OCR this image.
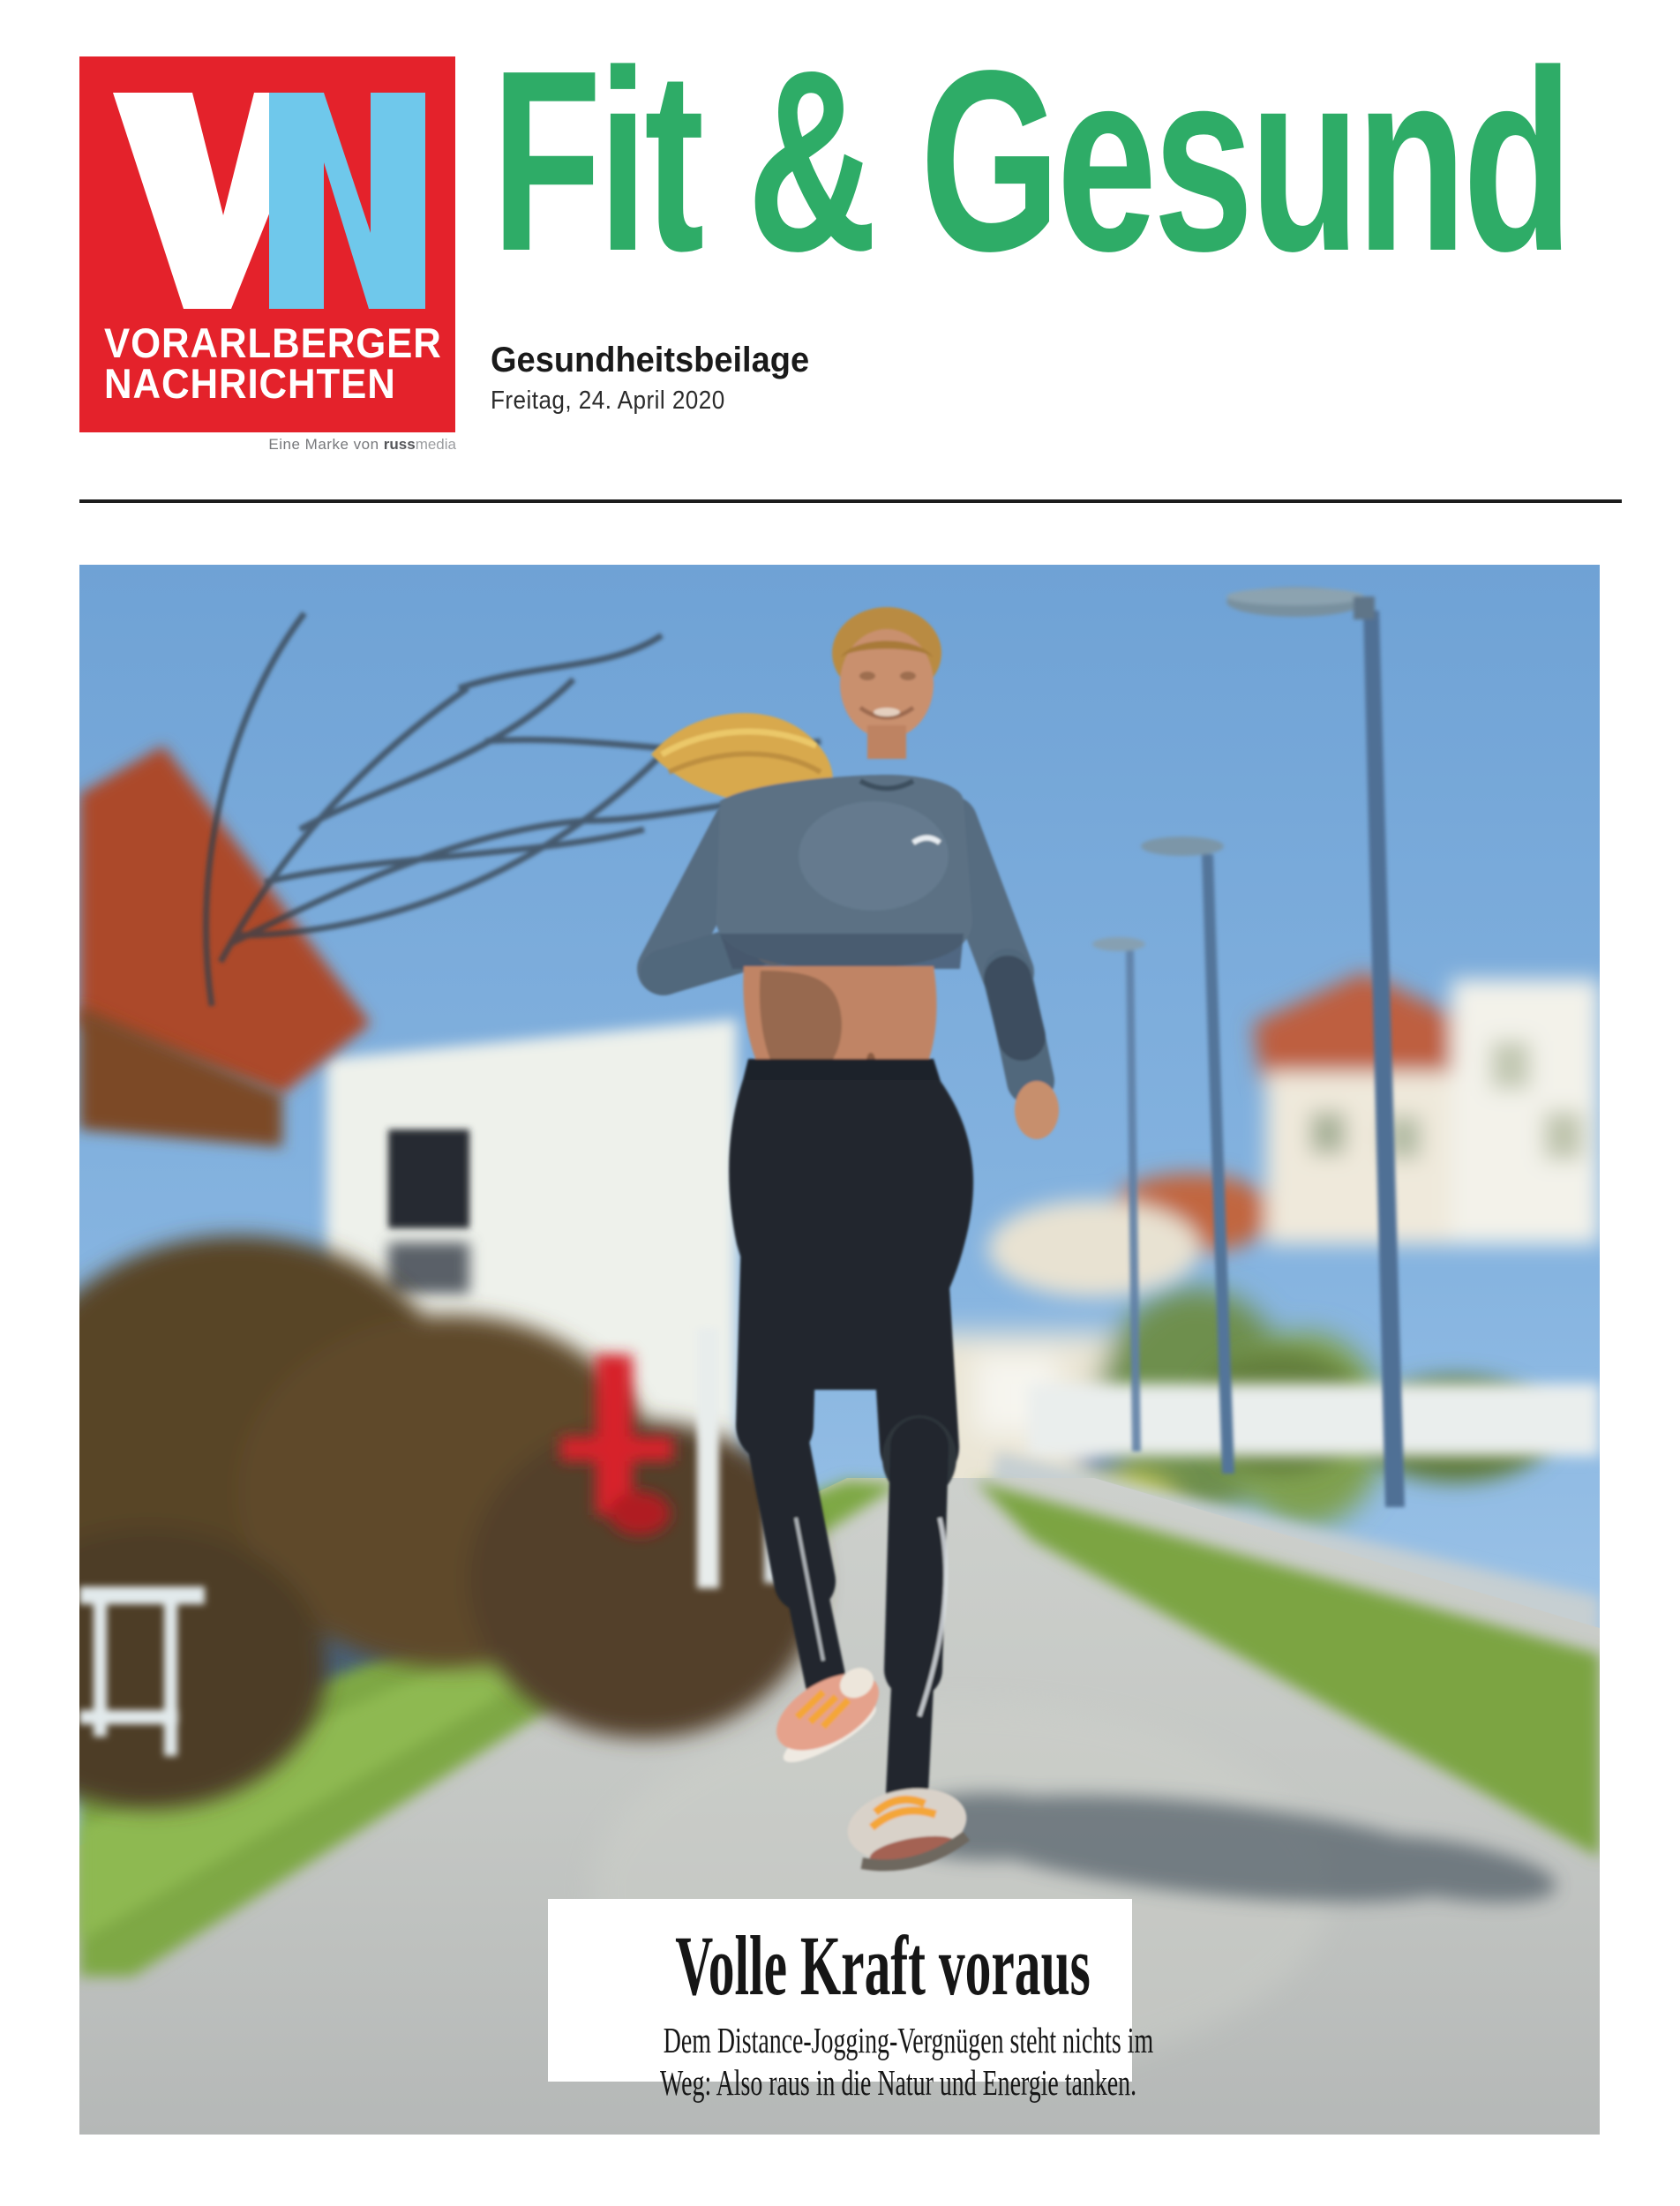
VORARLBERGER
NACHRICHTEN
Eine Marke von russmedia
Fit & Gesund
Gesundheitsbeilage
Freitag, 24. April 2020
Volle Kraft voraus
Dem Distance-Jogging-Vergnügen steht nichts im
Weg: Also raus in die Natur und Energie tanken.
